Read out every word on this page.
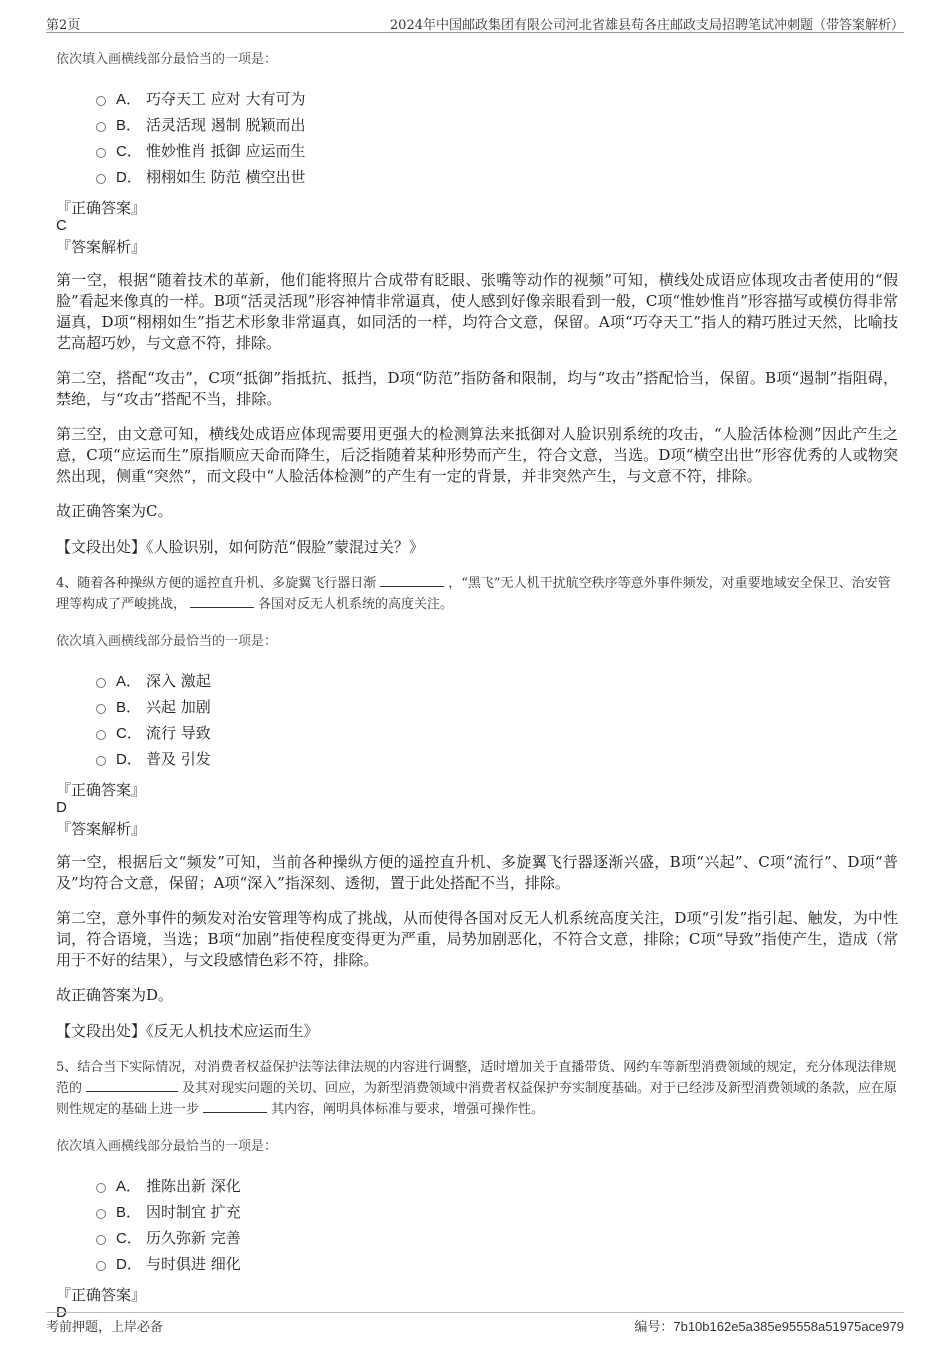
第2页	2024年中国邮政集团有限公司河北省雄县苟各庄邮政支局招聘笔试冲刺题（带答案解析）

依次填入画横线部分最恰当的一项是：

A． 巧夺天工 应对 大有可为
B． 活灵活现 遏制 脱颖而出
C． 惟妙惟肖 抵御 应运而生
D． 栩栩如生 防范 横空出世

『正确答案』

C

『答案解析』

第一空，根据“随着技术的革新，他们能将照片合成带有眨眼、张嘴等动作的视频”可知，横线处成语应体现攻击者使用的“假脸”看起来像真的一样。B项“活灵活现”形容神情非常逼真，使人感到好像亲眼看到一般，C项“惟妙惟肖”形容描写或模仿得非常逼真，D项“栩栩如生”指艺术形象非常逼真，如同活的一样，均符合文意，保留。A项“巧夺天工”指人的精巧胜过天然，比喻技艺高超巧妙，与文意不符，排除。

第二空，搭配“攻击”，C项“抵御”指抵抗、抵挡，D项“防范”指防备和限制，均与“攻击”搭配恰当，保留。B项“遏制”指阻碍，禁绝，与“攻击”搭配不当，排除。

第三空，由文意可知，横线处成语应体现需要用更强大的检测算法来抵御对人脸识别系统的攻击，“人脸活体检测”因此产生之意，C项“应运而生”原指顺应天命而降生，后泛指随着某种形势而产生，符合文意，当选。D项“横空出世”形容优秀的人或物突然出现，侧重“突然”，而文段中“人脸活体检测”的产生有一定的背景，并非突然产生，与文意不符，排除。

故正确答案为C。

【文段出处】《人脸识别，如何防范“假脸”蒙混过关？》

4、随着各种操纵方便的遥控直升机、多旋翼飞行器日渐	，“黑飞”无人机干扰航空秩序等意外事件频发，对重要地域安全保卫、治安管理等构成了严峻挑战，	各国对反无人机系统的高度关注。

依次填入画横线部分最恰当的一项是：

A． 深入 激起
B． 兴起 加剧
C． 流行 导致
D． 普及 引发

『正确答案』

D

『答案解析』

第一空，根据后文“频发”可知，当前各种操纵方便的遥控直升机、多旋翼飞行器逐渐兴盛，B项“兴起”、C项“流行”、D项“普及”均符合文意，保留；A项“深入”指深刻、透彻，置于此处搭配不当，排除。

第二空，意外事件的频发对治安管理等构成了挑战，从而使得各国对反无人机系统高度关注，D项“引发”指引起、触发，为中性词，符合语境，当选；B项“加剧”指使程度变得更为严重，局势加剧恶化，不符合文意，排除；C项“导致”指使产生，造成（常用于不好的结果），与文段感情色彩不符，排除。

故正确答案为D。

【文段出处】《反无人机技术应运而生》

5、结合当下实际情况，对消费者权益保护法等法律法规的内容进行调整，适时增加关于直播带货、网约车等新型消费领域的规定，充分体现法律规范的	及其对现实问题的关切、回应，为新型消费领域中消费者权益保护夯实制度基础。对于已经涉及新型消费领域的条款，应在原则性规定的基础上进一步	其内容，阐明具体标准与要求，增强可操作性。

依次填入画横线部分最恰当的一项是：

A． 推陈出新 深化
B． 因时制宜 扩充
C． 历久弥新 完善
D． 与时俱进 细化

『正确答案』

D

考前押题，上岸必备	编号：7b10b162e5a385e95558a51975ace979
